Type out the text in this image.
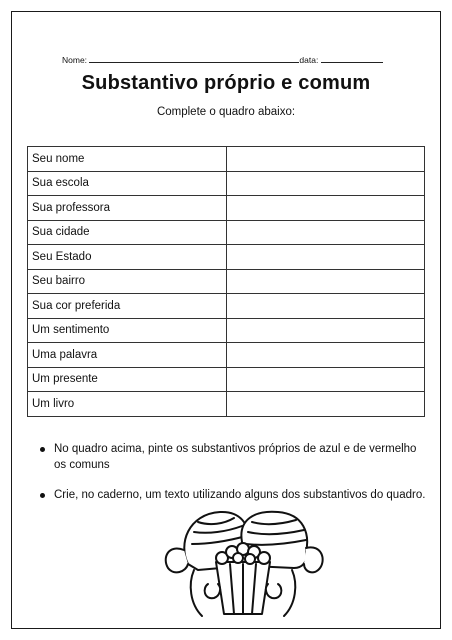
Nome:	data:
Substantivo próprio e comum
Complete o quadro abaixo:
Seu nome	
Sua escola	
Sua professora	
Sua cidade	
Seu Estado	
Seu bairro	
Sua cor preferida	
Um sentimento	
Uma palavra	
Um presente	
Um livro	
No quadro acima, pinte os substantivos próprios de azul e de vermelho os comuns
Crie, no caderno, um texto utilizando alguns dos substantivos do quadro.
